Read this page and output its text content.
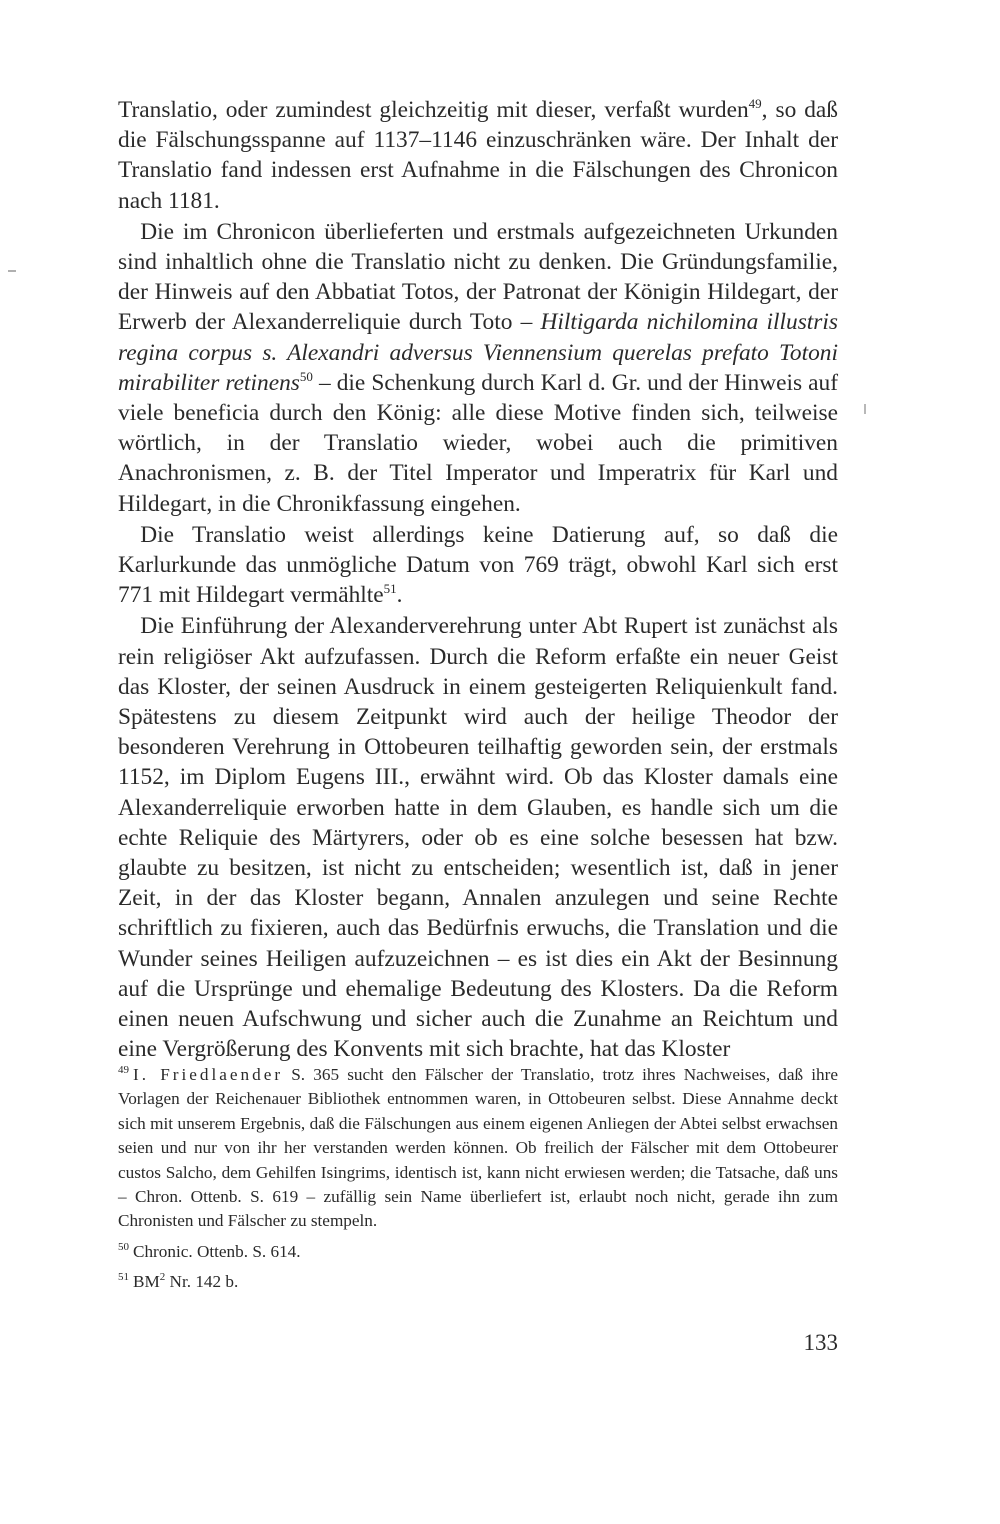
Translatio, oder zumindest gleichzeitig mit dieser, verfaßt wurden$^{49}$, so daß die Fälschungsspanne auf 1137–1146 einzuschränken wäre. Der Inhalt der Translatio fand indessen erst Aufnahme in die Fälschungen des Chronicon nach 1181.

Die im Chronicon überlieferten und erstmals aufgezeichneten Urkunden sind inhaltlich ohne die Translatio nicht zu denken. Die Gründungsfamilie, der Hinweis auf den Abbatiat Totos, der Patronat der Königin Hildegart, der Erwerb der Alexanderreliquie durch Toto – Hiltigarda nichilomina illustris regina corpus s. Alexandri adversus Viennensium querelas prefato Totoni mirabiliter retinens$^{50}$ – die Schenkung durch Karl d. Gr. und der Hinweis auf viele beneficia durch den König: alle diese Motive finden sich, teilweise wörtlich, in der Translatio wieder, wobei auch die primitiven Anachronismen, z. B. der Titel Imperator und Imperatrix für Karl und Hildegart, in die Chronikfassung eingehen.

Die Translatio weist allerdings keine Datierung auf, so daß die Karlurkunde das unmögliche Datum von 769 trägt, obwohl Karl sich erst 771 mit Hildegart vermählte$^{51}$.

Die Einführung der Alexanderverehrung unter Abt Rupert ist zunächst als rein religiöser Akt aufzufassen. Durch die Reform erfaßte ein neuer Geist das Kloster, der seinen Ausdruck in einem gesteigerten Reliquienkult fand. Spätestens zu diesem Zeitpunkt wird auch der heilige Theodor der besonderen Verehrung in Ottobeuren teilhaftig geworden sein, der erstmals 1152, im Diplom Eugens III., erwähnt wird. Ob das Kloster damals eine Alexanderreliquie erworben hatte in dem Glauben, es handle sich um die echte Reliquie des Märtyrers, oder ob es eine solche besessen hat bzw. glaubte zu besitzen, ist nicht zu entscheiden; wesentlich ist, daß in jener Zeit, in der das Kloster begann, Annalen anzulegen und seine Rechte schriftlich zu fixieren, auch das Bedürfnis erwuchs, die Translation und die Wunder seines Heiligen aufzuzeichnen – es ist dies ein Akt der Besinnung auf die Ursprünge und ehemalige Bedeutung des Klosters. Da die Reform einen neuen Aufschwung und sicher auch die Zunahme an Reichtum und eine Vergrößerung des Konvents mit sich brachte, hat das Kloster

$^{49}$ I. Friedlaender S. 365 sucht den Fälscher der Translatio, trotz ihres Nachweises, daß ihre Vorlagen der Reichenauer Bibliothek entnommen waren, in Ottobeuren selbst. Diese Annahme deckt sich mit unserem Ergebnis, daß die Fälschungen aus einem eigenen Anliegen der Abtei selbst erwachsen seien und nur von ihr her verstanden werden können. Ob freilich der Fälscher mit dem Ottobeurer custos Salcho, dem Gehilfen Isingrims, identisch ist, kann nicht erwiesen werden; die Tatsache, daß uns – Chron. Ottenb. S. 619 – zufällig sein Name überliefert ist, erlaubt noch nicht, gerade ihn zum Chronisten und Fälscher zu stempeln.

$^{50}$ Chronic. Ottenb. S. 614.

$^{51}$ $BM^2$ Nr. 142 b.

133
